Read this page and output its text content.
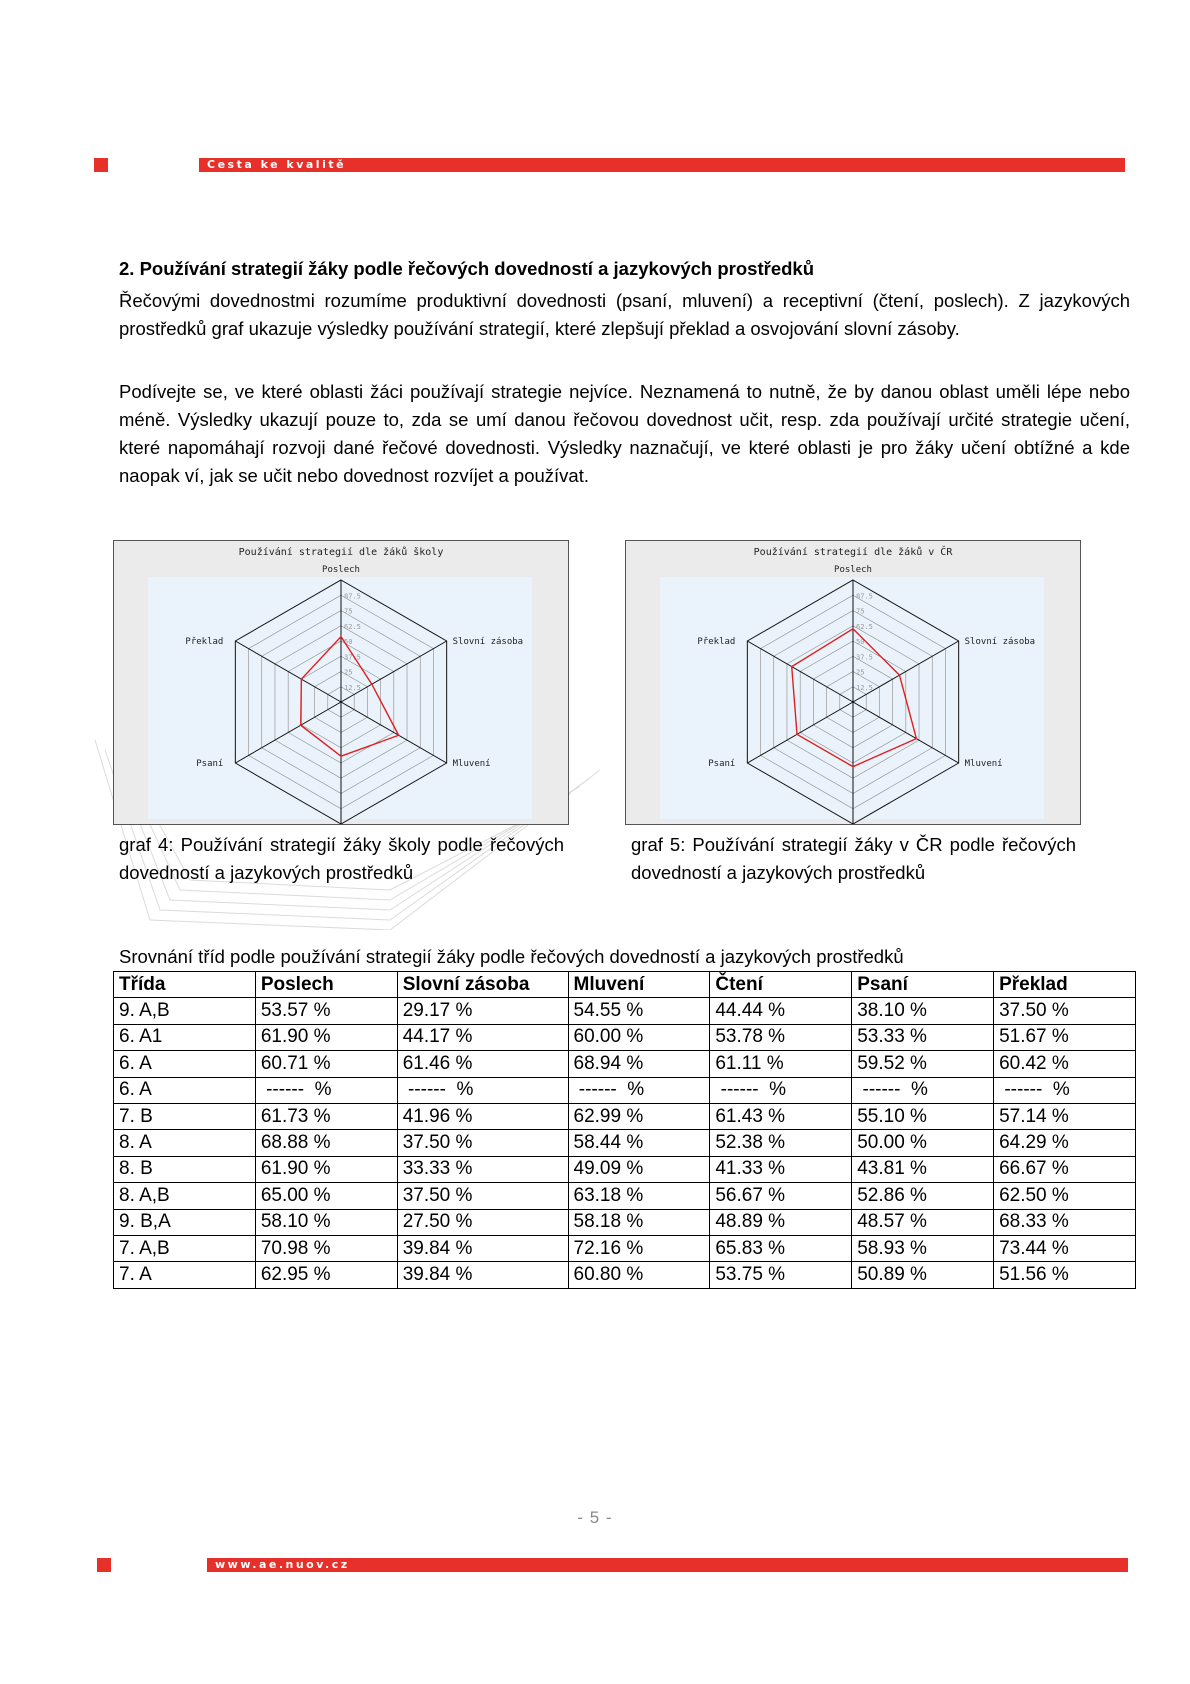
Cesta ke kvalitě
2. Používání strategií žáky podle řečových dovedností a jazykových prostředků

Řečovými dovednostmi rozumíme produktivní dovednosti (psaní, mluvení) a receptivní (čtení, poslech). Z jazykových prostředků graf ukazuje výsledky používání strategií, které zlepšují překlad a osvojování slovní zásoby.

Podívejte se, ve které oblasti žáci používají strategie nejvíce. Neznamená to nutně, že by danou oblast uměli lépe nebo méně. Výsledky ukazují pouze to, zda se umí danou řečovou dovednost učit, resp. zda používají určité strategie učení, které napomáhají rozvoji dané řečové dovednosti. Výsledky naznačují, ve které oblasti je pro žáky učení obtížné a kde naopak ví, jak se učit nebo dovednost rozvíjet a používat.

Používání strategií dle žáků školy
12.5
25
37.5
50
62.5
75
87.5
Poslech
Slovní zásoba
Mluvení
Psaní
Překlad

graf 4: Používání strategií žáky školy podle řečových dovedností a jazykových prostředků

Používání strategií dle žáků v ČR
12.5
25
37.5
50
62.5
75
87.5
Poslech
Slovní zásoba
Mluvení
Psaní
Překlad

graf 5: Používání strategií žáky v ČR podle řečových dovedností a jazykových prostředků

Srovnání tříd podle používání strategií žáky podle řečových dovedností a jazykových prostředků

Třída	Poslech	Slovní zásoba	Mluvení	Čtení	Psaní	Překlad
9. A,B	53.57 %	29.17 %	54.55 %	44.44 %	38.10 %	37.50 %
6. A1	61.90 %	44.17 %	60.00 %	53.78 %	53.33 %	51.67 %
6. A	60.71 %	61.46 %	68.94 %	61.11 %	59.52 %	60.42 %
6. A	------  %	------  %	------  %	------  %	------  %	------  %
7. B	61.73 %	41.96 %	62.99 %	61.43 %	55.10 %	57.14 %
8. A	68.88 %	37.50 %	58.44 %	52.38 %	50.00 %	64.29 %
8. B	61.90 %	33.33 %	49.09 %	41.33 %	43.81 %	66.67 %
8. A,B	65.00 %	37.50 %	63.18 %	56.67 %	52.86 %	62.50 %
9. B,A	58.10 %	27.50 %	58.18 %	48.89 %	48.57 %	68.33 %
7. A,B	70.98 %	39.84 %	72.16 %	65.83 %	58.93 %	73.44 %
7. A	62.95 %	39.84 %	60.80 %	53.75 %	50.89 %	51.56 %
- 5 -
www.ae.nuov.cz
